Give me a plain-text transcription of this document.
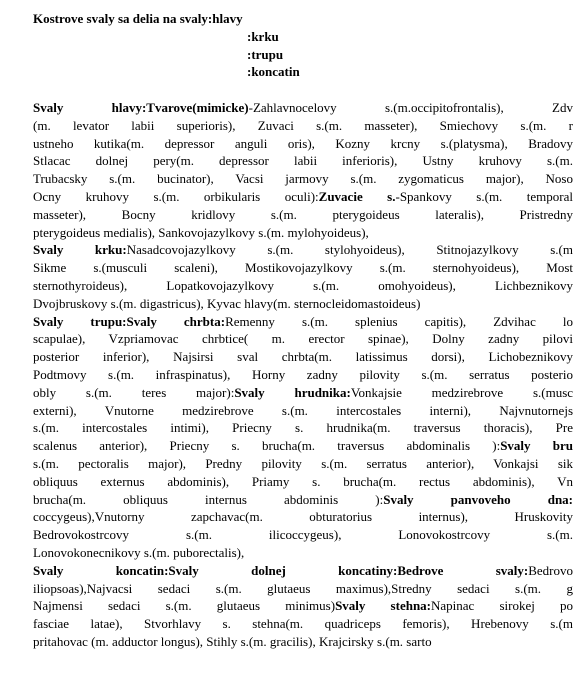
Kostrove svaly sa delia na svaly:hlavy
:krku
:trupu
:koncatin
Svaly hlavy:Tvarove(mimicke)-Zahlavnocelovy s.(m.occipitofrontalis), Zdv
(m. levator labii superioris), Zuvaci s.(m. masseter), Smiechovy s.(m. r
ustneho kutika(m. depressor anguli oris), Kozny krcny s.(platysma), Bradovy
Stlacac dolnej pery(m. depressor labii inferioris), Ustny kruhovy s.(m.
Trubacsky s.(m. bucinator), Vacsi jarmovy s.(m. zygomaticus major), Noso
Ocny kruhovy s.(m. orbikularis oculi):Zuvacie s.-Spankovy s.(m. temporal
masseter), Bocny kridlovy s.(m. pterygoideus lateralis), Pristredny
pterygoideus medialis), Sankovojazylkovy s.(m. mylohyoideus),
Svaly krku:Nasadcovojazylkovy s.(m. stylohyoideus), Stitnojazylkovy s.(m
Sikme s.(musculi scaleni), Mostikovojazylkovy s.(m. sternohyoideus), Most
sternothyroideus), Lopatkovojazylkovy s.(m. omohyoideus), Lichbeznikovy
Dvojbruskovy s.(m. digastricus), Kyvac hlavy(m. sternocleidomastoideus)
Svaly trupu:Svaly chrbta:Remenny s.(m. splenius capitis), Zdvihac lo
scapulae), Vzpriamovac chrbtice( m. erector spinae), Dolny zadny pilovi
posterior inferior), Najsirsi sval chrbta(m. latissimus dorsi), Lichobeznikovy
Podtmovy s.(m. infraspinatus), Horny zadny pilovity s.(m. serratus posterio
obly s.(m. teres major):Svaly hrudnika:Vonkajsie medzirebrove s.(musc
externi), Vnutorne medzirebrove s.(m. intercostales interni), Najvnutornejs
s.(m. intercostales intimi), Priecny s. hrudnika(m. traversus thoracis), Pre
scalenus anterior), Priecny s. brucha(m. traversus abdominalis ):Svaly bru
s.(m. pectoralis major), Predny pilovity s.(m. serratus anterior), Vonkajsi sik
obliquus externus abdominis), Priamy s. brucha(m. rectus abdominis), Vn
brucha(m. obliquus internus abdominis ):Svaly panvoveho dna:
coccygeus),Vnutorny zapchavac(m. obturatorius internus), Hruskovity
Bedrovokostrcovy s.(m. ilicoccygeus), Lonovokostrcovy s.(m.
Lonovokonecnikovy s.(m. puborectalis),
Svaly koncatin:Svaly dolnej koncatiny:Bedrove svaly:Bedrovo
iliopsoas),Najvacsi sedaci s.(m. glutaeus maximus),Stredny sedaci s.(m. g
Najmensi sedaci s.(m. glutaeus minimus)Svaly stehna:Napinac sirokej po
fasciae latae), Stvorhlavy s. stehna(m. quadriceps femoris), Hrebenovy s.(m
pritahovac (m. adductor longus), Stihly s.(m. gracilis), Krajcirsky s.(m. sarto
